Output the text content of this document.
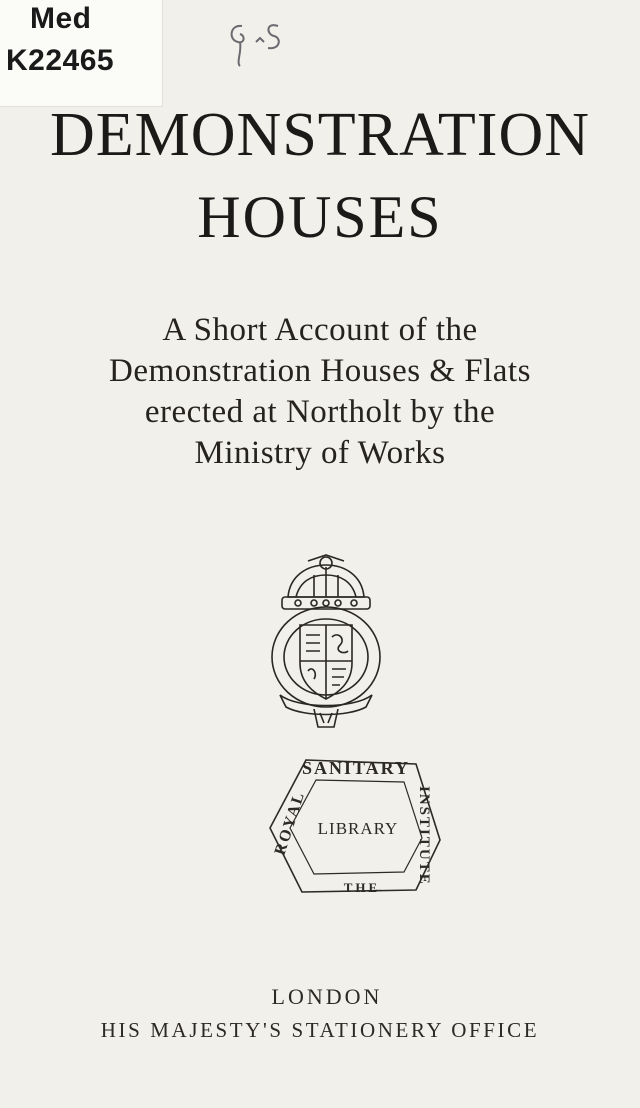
Med
K22465
DEMONSTRATION
HOUSES
A Short Account of the
Demonstration Houses & Flats
erected at Northolt by the
Ministry of Works
SANITARY
ROYAL LIBRARY INSTITUTE
THE
LONDON
HIS MAJESTY'S STATIONERY OFFICE
